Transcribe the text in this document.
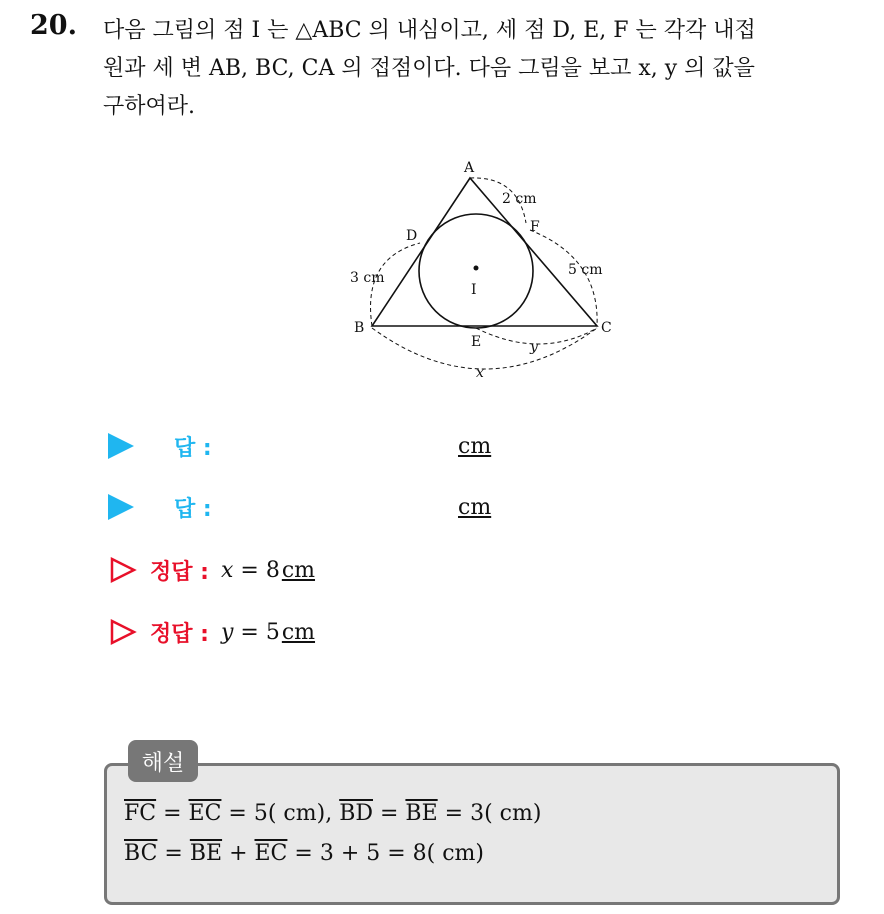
20. 다음 그림의 점 I 는 △ABC 의 내심이고, 세 점 D, E, F 는 각각 내접
원과 세 변 AB, BC, CA 의 접점이다. 다음 그림을 보고 x, y 의 값을
구하여라.
A
B	C
D
E
F
I
2 cm
3 cm	5 cm
y
x
답 :	cm
답 :	cm
정답 : x = 8cm
정답 : y = 5cm
해설
$\overline{FC} = \overline{EC} = 5$( cm), $\overline{BD} = \overline{BE} = 3$( cm)
$\overline{BC} = \overline{BE} + \overline{EC} = 3 + 5 = 8$( cm)
